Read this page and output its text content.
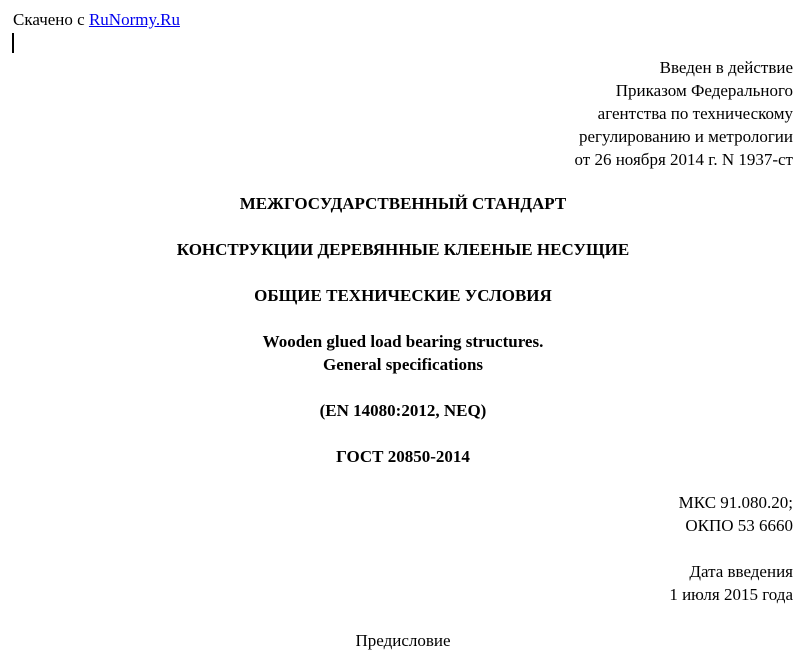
Скачено с RuNormy.Ru
Введен в действие
Приказом Федерального
агентства по техническому
регулированию и метрологии
от 26 ноября 2014 г. N 1937-ст
МЕЖГОСУДАРСТВЕННЫЙ СТАНДАРТ
КОНСТРУКЦИИ ДЕРЕВЯННЫЕ КЛЕЕНЫЕ НЕСУЩИЕ
ОБЩИЕ ТЕХНИЧЕСКИЕ УСЛОВИЯ
Wooden glued load bearing structures.
General specifications
(EN 14080:2012, NEQ)
ГОСТ 20850-2014
МКС 91.080.20;
ОКПО 53 6660
Дата введения
1 июля 2015 года
Предисловие
